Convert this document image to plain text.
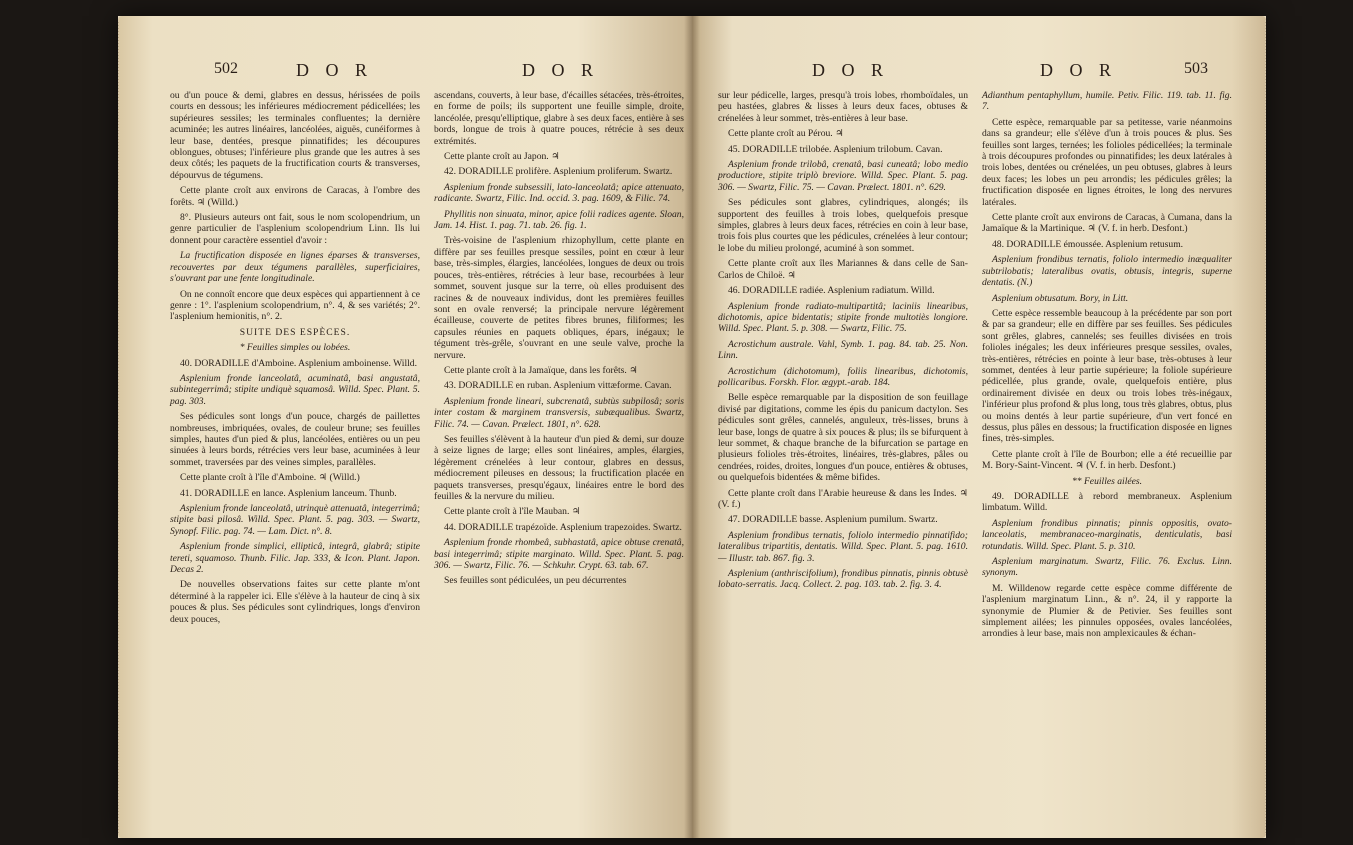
502	D O R	D O R

ou d'un pouce & demi, glabres en dessus, hérissées de poils courts en dessous; les inférieures médiocrement pédicellées; les supérieures sessiles; les terminales confluentes; la dernière acuminée; les autres linéaires, lancéolées, aiguës, cunéiformes à leur base, dentées, presque pinnatifides; les découpures oblongues, obtuses; l'inférieure plus grande que les autres à ses deux côtés; les paquets de la fructification courts & transverses, dépourvus de tégumens.

Cette plante croît aux environs de Caracas, à l'ombre des forêts. ♃ (Willd.)

8°. Plusieurs auteurs ont fait, sous le nom scolopendrium, un genre particulier de l'asplenium scolopendrium Linn. Ils lui donnent pour caractère essentiel d'avoir :

La fructification disposée en lignes éparses & transverses, recouvertes par deux tégumens parallèles, superficiaires, s'ouvrant par une fente longitudinale.

On ne connoît encore que deux espèces qui appartiennent à ce genre : 1°. l'asplenium scolopendrium, n°. 4, & ses variétés; 2°. l'asplenium hemionitis, n°. 2.

SUITE DES ESPÈCES.

* Feuilles simples ou lobées.

40. DORADILLE d'Amboine. Asplenium amboinense. Willd.

Asplenium fronde lanceolatâ, acuminatâ, basi angustatâ, subintegerrimâ; stipite undiquè squamosâ. Willd. Spec. Plant. 5. pag. 303.

Ses pédicules sont longs d'un pouce, chargés de paillettes nombreuses, imbriquées, ovales, de couleur brune; ses feuilles simples, hautes d'un pied & plus, lancéolées, entières ou un peu sinuées à leurs bords, rétrécies vers leur base, acuminées à leur sommet, traversées par des veines simples, parallèles.

Cette plante croît à l'île d'Amboine. ♃ (Willd.)

41. DORADILLE en lance. Asplenium lanceum. Thunb.

Asplenium fronde lanceolatâ, utrinquè attenuatâ, integerrimâ; stipite basi pilosâ. Willd. Spec. Plant. 5. pag. 303. — Swartz, Synopf. Filic. pag. 74. — Lam. Dict. n°. 8.

Asplenium fronde simplici, ellipticâ, integrâ, glabrâ; stipite tereti, squamoso. Thunb. Filic. Jap. 333, & Icon. Plant. Japon. Decas 2.

De nouvelles observations faites sur cette plante m'ont déterminé à la rappeler ici. Elle s'élève à la hauteur de cinq à six pouces & plus. Ses pédicules sont cylindriques, longs d'environ deux pouces,

ascendans, couverts, à leur base, d'écailles sétacées, très-étroites, en forme de poils; ils supportent une feuille simple, droite, lancéolée, presqu'elliptique, glabre à ses deux faces, entière à ses bords, longue de trois à quatre pouces, rétrécie à ses deux extrémités.

Cette plante croît au Japon. ♃

42. DORADILLE prolifère. Asplenium proliferum. Swartz.

Asplenium fronde subsessili, lato-lanceolatâ; apice attenuato, radicante. Swartz, Filic. Ind. occid. 3. pag. 1609, & Filic. 74.

Phyllitis non sinuata, minor, apice folii radices agente. Sloan, Jam. 14. Hist. 1. pag. 71. tab. 26. fig. 1.

Très-voisine de l'asplenium rhizophyllum, cette plante en diffère par ses feuilles presque sessiles, point en cœur à leur base, très-simples, élargies, lancéolées, longues de deux ou trois pouces, très-entières, rétrécies à leur base, recourbées à leur sommet, souvent jusque sur la terre, où elles produisent des racines & de nouveaux individus, dont les premières feuilles sont en ovale renversé; la principale nervure légèrement écailleuse, couverte de petites fibres brunes, filiformes; les capsules réunies en paquets obliques, épars, inégaux; le tégument très-grêle, s'ouvrant en une seule valve, proche la nervure.

Cette plante croît à la Jamaïque, dans les forêts. ♃

43. DORADILLE en ruban. Asplenium vittæforme. Cavan.

Asplenium fronde lineari, subcrenatâ, subtùs subpilosâ; soris inter costam & marginem transversis, subæqualibus. Swartz, Filic. 74. — Cavan. Prælect. 1801, n°. 628.

Ses feuilles s'élèvent à la hauteur d'un pied & demi, sur douze à seize lignes de large; elles sont linéaires, amples, élargies, légèrement crénelées à leur contour, glabres en dessus, médiocrement pileuses en dessous; la fructification placée en paquets transverses, presqu'égaux, linéaires entre le bord des feuilles & la nervure du milieu.

Cette plante croît à l'île Mauban. ♃

44. DORADILLE trapézoïde. Asplenium trapezoides. Swartz.

Asplenium fronde rhombeâ, subhastatâ, apice obtuse crenatâ, basi integerrimâ; stipite marginato. Willd. Spec. Plant. 5. pag. 306. — Swartz, Filic. 76. — Schkuhr. Crypt. 63. tab. 67.

Ses feuilles sont pédiculées, un peu décurrentes

D O R	D O R	503

sur leur pédicelle, larges, presqu'à trois lobes, rhomboïdales, un peu hastées, glabres & lisses à leurs deux faces, obtuses & crénelées à leur sommet, très-entières à leur base.

Cette plante croît au Pérou. ♃

45. DORADILLE trilobée. Asplenium trilobum. Cavan.

Asplenium fronde trilobâ, crenatâ, basi cuneatâ; lobo medio productiore, stipite triplò breviore. Willd. Spec. Plant. 5. pag. 306. — Swartz, Filic. 75. — Cavan. Prælect. 1801. n°. 629.

Ses pédicules sont glabres, cylindriques, alongés; ils supportent des feuilles à trois lobes, quelquefois presque simples, glabres à leurs deux faces, rétrécies en coin à leur base, trois fois plus courtes que les pédicules, crénelées à leur contour; le lobe du milieu prolongé, acuminé à son sommet.

Cette plante croît aux îles Mariannes & dans celle de San-Carlos de Chiloë. ♃

46. DORADILLE radiée. Asplenium radiatum. Willd.

Asplenium fronde radiato-multipartitâ; laciniis linearibus, dichotomis, apice bidentatis; stipite fronde multotiès longiore. Willd. Spec. Plant. 5. p. 308. — Swartz, Filic. 75.

Acrostichum australe. Vahl, Symb. 1. pag. 84. tab. 25. Non. Linn.

Acrostichum (dichotomum), foliis linearibus, dichotomis, pollicaribus. Forskh. Flor. ægypt.-arab. 184.

Belle espèce remarquable par la disposition de son feuillage divisé par digitations, comme les épis du panicum dactylon. Ses pédicules sont grêles, cannelés, anguleux, très-lisses, bruns à leur base, longs de quatre à six pouces & plus; ils se bifurquent à leur sommet, & chaque branche de la bifurcation se partage en plusieurs folioles très-étroites, linéaires, très-glabres, pâles ou cendrées, roides, droites, longues d'un pouce, entières & obtuses, ou quelquefois bidentées & même bifides.

Cette plante croît dans l'Arabie heureuse & dans les Indes. ♃ (V. f.)

47. DORADILLE basse. Asplenium pumilum. Swartz.

Asplenium frondibus ternatis, foliolo intermedio pinnatifido; lateralibus tripartitis, dentatis. Willd. Spec. Plant. 5. pag. 1610. — Illustr. tab. 867. fig. 3.

Asplenium (anthriscifolium), frondibus pinnatis, pinnis obtusè lobato-serratis. Jacq. Collect. 2. pag. 103. tab. 2. fig. 3. 4.

Adianthum pentaphyllum, humile. Petiv. Filic. 119. tab. 11. fig. 7.

Cette espèce, remarquable par sa petitesse, varie néanmoins dans sa grandeur; elle s'élève d'un à trois pouces & plus. Ses feuilles sont larges, ternées; les folioles pédicellées; la terminale à trois découpures profondes ou pinnatifides; les deux latérales à trois lobes, dentées ou crénelées, un peu obtuses, glabres à leurs deux faces; les lobes un peu arrondis; les pédicules grêles; la fructification disposée en lignes étroites, le long des nervures latérales.

Cette plante croît aux environs de Caracas, à Cumana, dans la Jamaïque & la Martinique. ♃ (V. f. in herb. Desfont.)

48. DORADILLE émoussée. Asplenium retusum.

Asplenium frondibus ternatis, foliolo intermedio inæqualiter subtrilobatis; lateralibus ovatis, obtusis, integris, superne dentatis. (N.)

Asplenium obtusatum. Bory, in Litt.

Cette espèce ressemble beaucoup à la précédente par son port & par sa grandeur; elle en diffère par ses feuilles. Ses pédicules sont grêles, glabres, cannelés; ses feuilles divisées en trois folioles inégales; les deux inférieures presque sessiles, ovales, très-entières, rétrécies en pointe à leur base, très-obtuses à leur sommet, dentées à leur partie supérieure; la foliole supérieure pédicellée, plus grande, ovale, quelquefois entière, plus ordinairement divisée en deux ou trois lobes très-inégaux, l'inférieur plus profond & plus long, tous très glabres, obtus, plus ou moins dentés à leur partie supérieure, d'un vert foncé en dessus, plus pâles en dessous; la fructification disposée en lignes fines, très-simples.

Cette plante croît à l'île de Bourbon; elle a été recueillie par M. Bory-Saint-Vincent. ♃ (V. f. in herb. Desfont.)

** Feuilles ailées.

49. DORADILLE à rebord membraneux. Asplenium limbatum. Willd.

Asplenium frondibus pinnatis; pinnis oppositis, ovato-lanceolatis, membranaceo-marginatis, denticulatis, basi rotundatis. Willd. Spec. Plant. 5. p. 310.

Asplenium marginatum. Swartz, Filic. 76. Exclus. Linn. synonym.

M. Willdenow regarde cette espèce comme différente de l'asplenium marginatum Linn., & n°. 24, il y rapporte la synonymie de Plumier & de Petivier. Ses feuilles sont simplement ailées; les pinnules opposées, ovales lancéolées, arrondies à leur base, mais non amplexicaules & échan-
